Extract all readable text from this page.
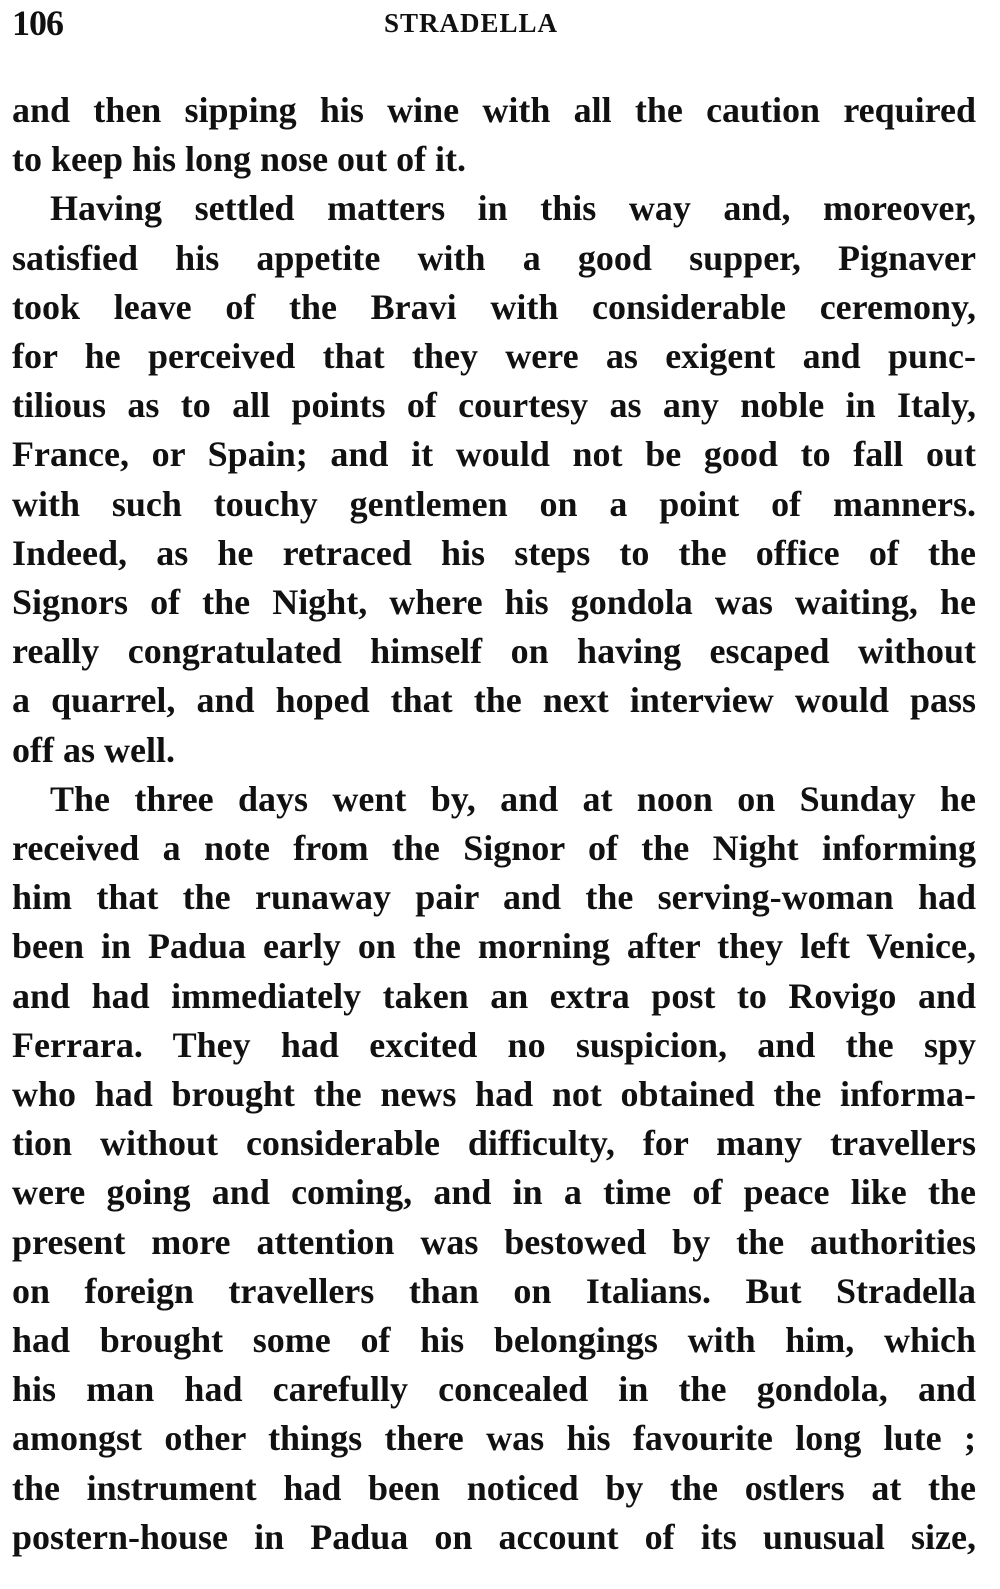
106	STRADELLA

and then sipping his wine with all the caution required
to keep his long nose out of it.

Having settled matters in this way and, moreover,
satisfied his appetite with a good supper, Pignaver
took leave of the Bravi with considerable ceremony,
for he perceived that they were as exigent and punc-
tilious as to all points of courtesy as any noble in Italy,
France, or Spain; and it would not be good to fall out
with such touchy gentlemen on a point of manners.
Indeed, as he retraced his steps to the office of the
Signors of the Night, where his gondola was waiting, he
really congratulated himself on having escaped without
a quarrel, and hoped that the next interview would pass
off as well.

The three days went by, and at noon on Sunday he
received a note from the Signor of the Night informing
him that the runaway pair and the serving-woman had
been in Padua early on the morning after they left Venice,
and had immediately taken an extra post to Rovigo and
Ferrara. They had excited no suspicion, and the spy
who had brought the news had not obtained the informa-
tion without considerable difficulty, for many travellers
were going and coming, and in a time of peace like the
present more attention was bestowed by the authorities
on foreign travellers than on Italians. But Stradella
had brought some of his belongings with him, which
his man had carefully concealed in the gondola, and
amongst other things there was his favourite long lute ;
the instrument had been noticed by the ostlers at the
postern-house in Padua on account of its unusual size,
